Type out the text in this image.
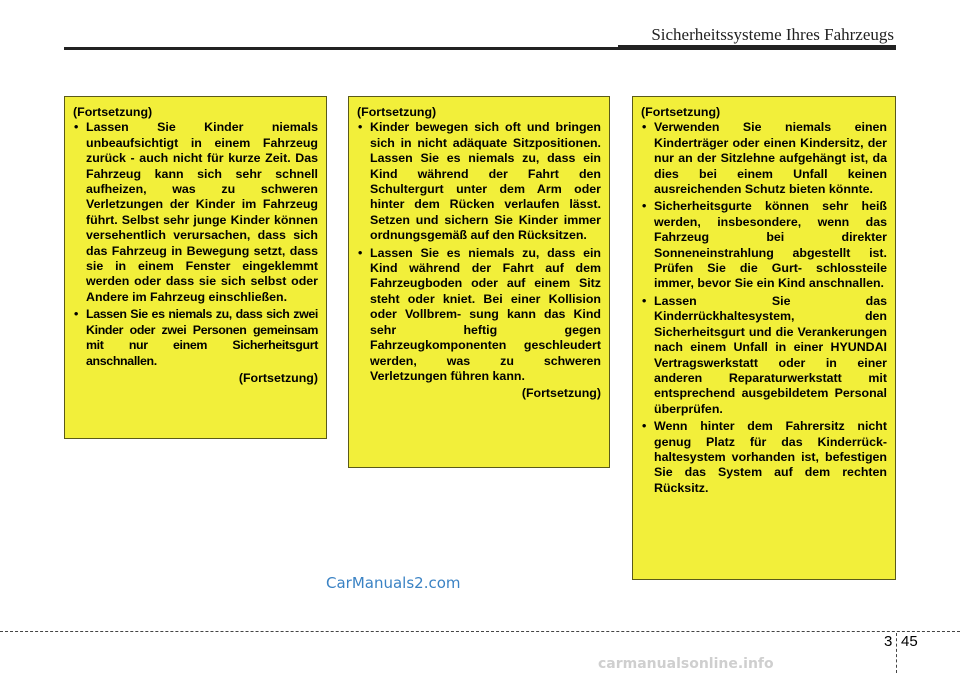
Sicherheitssysteme Ihres Fahrzeugs
(Fortsetzung)
• Lassen Sie Kinder niemals unbeaufsichtigt in einem Fahrzeug zurück - auch nicht für kurze Zeit. Das Fahrzeug kann sich sehr schnell aufheizen, was zu schweren Verletzungen der Kinder im Fahrzeug führt. Selbst sehr junge Kinder können versehentlich verursachen, dass sich das Fahrzeug in Bewegung setzt, dass sie in einem Fenster eingeklemmt werden oder dass sie sich selbst oder Andere im Fahrzeug einschließen.
• Lassen Sie es niemals zu, dass sich zwei Kinder oder zwei Personen gemeinsam mit nur einem Sicherheitsgurt anschnallen.
(Fortsetzung)
(Fortsetzung)
• Kinder bewegen sich oft und bringen sich in nicht adäquate Sitzpositionen. Lassen Sie es niemals zu, dass ein Kind während der Fahrt den Schultergurt unter dem Arm oder hinter dem Rücken verlaufen lässt. Setzen und sichern Sie Kinder immer ordnungsgemäß auf den Rücksitzen.
• Lassen Sie es niemals zu, dass ein Kind während der Fahrt auf dem Fahrzeugboden oder auf einem Sitz steht oder kniet. Bei einer Kollision oder Vollbrem- sung kann das Kind sehr heftig gegen Fahrzeugkomponenten geschleudert werden, was zu schweren Verletzungen führen kann.
(Fortsetzung)
(Fortsetzung)
• Verwenden Sie niemals einen Kinderträger oder einen Kindersitz, der nur an der Sitzlehne aufgehängt ist, da dies bei einem Unfall keinen ausreichenden Schutz bieten könnte.
• Sicherheitsgurte können sehr heiß werden, insbesondere, wenn das Fahrzeug bei direkter Sonneneinstrahlung abgestellt ist. Prüfen Sie die Gurt- schlossteile immer, bevor Sie ein Kind anschnallen.
• Lassen Sie das Kinderrückhaltesystem, den Sicherheitsgurt und die Verankerungen nach einem Unfall in einer HYUNDAI Vertragswerkstatt oder in einer anderen Reparaturwerkstatt mit entsprechend ausgebildetem Personal überprüfen.
• Wenn hinter dem Fahrersitz nicht genug Platz für das Kinderrück- haltesystem vorhanden ist, befestigen Sie das System auf dem rechten Rücksitz.
CarManuals2.com
3 45
carmanualsonline.info
